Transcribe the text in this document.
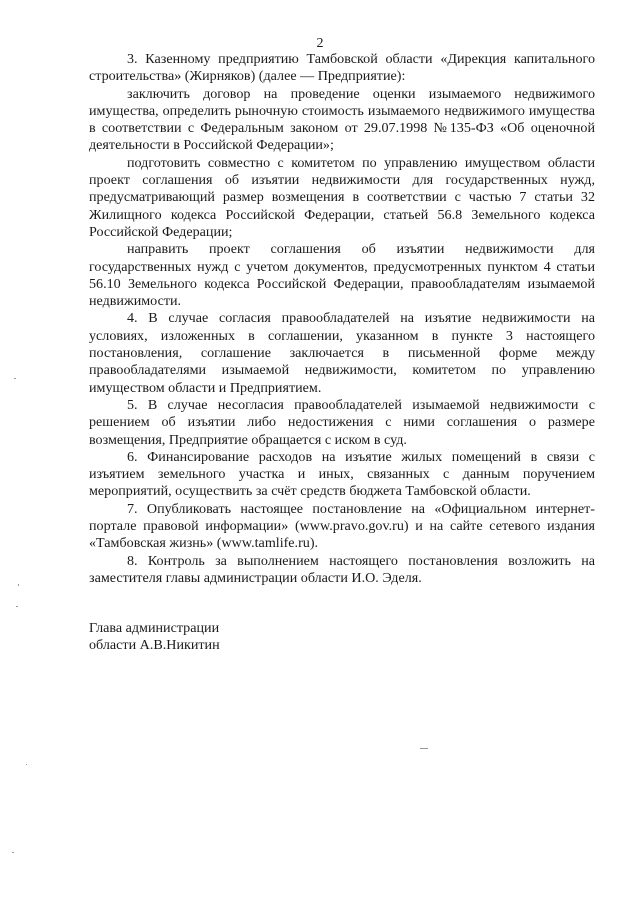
2

3. Казенному предприятию Тамбовской области «Дирекция капитального строительства» (Жирняков) (далее — Предприятие):

заключить договор на проведение оценки изымаемого недвижимого имущества, определить рыночную стоимость изымаемого недвижимого имущества в соответствии с Федеральным законом от 29.07.1998 №135-ФЗ «Об оценочной деятельности в Российской Федерации»;

подготовить совместно с комитетом по управлению имуществом области проект соглашения об изъятии недвижимости для государственных нужд, предусматривающий размер возмещения в соответствии с частью 7 статьи 32 Жилищного кодекса Российской Федерации, статьей 56.8 Земельного кодекса Российской Федерации;

направить проект соглашения об изъятии недвижимости для государственных нужд с учетом документов, предусмотренных пунктом 4 статьи 56.10 Земельного кодекса Российской Федерации, правообладателям изымаемой недвижимости.

4. В случае согласия правообладателей на изъятие недвижимости на условиях, изложенных в соглашении, указанном в пункте 3 настоящего постановления, соглашение заключается в письменной форме между правообладателями изымаемой недвижимости, комитетом по управлению имуществом области и Предприятием.

5. В случае несогласия правообладателей изымаемой недвижимости с решением об изъятии либо недостижения с ними соглашения о размере возмещения, Предприятие обращается с иском в суд.

6. Финансирование расходов на изъятие жилых помещений в связи с изъятием земельного участка и иных, связанных с данным поручением мероприятий, осуществить за счёт средств бюджета Тамбовской области.

7. Опубликовать настоящее постановление на «Официальном интернет-портале правовой информации» (www.pravo.gov.ru) и на сайте сетевого издания «Тамбовская жизнь» (www.tamlife.ru).

8. Контроль за выполнением настоящего постановления возложить на заместителя главы администрации области И.О. Эделя.

Глава администрации
области А.В.Никитин
